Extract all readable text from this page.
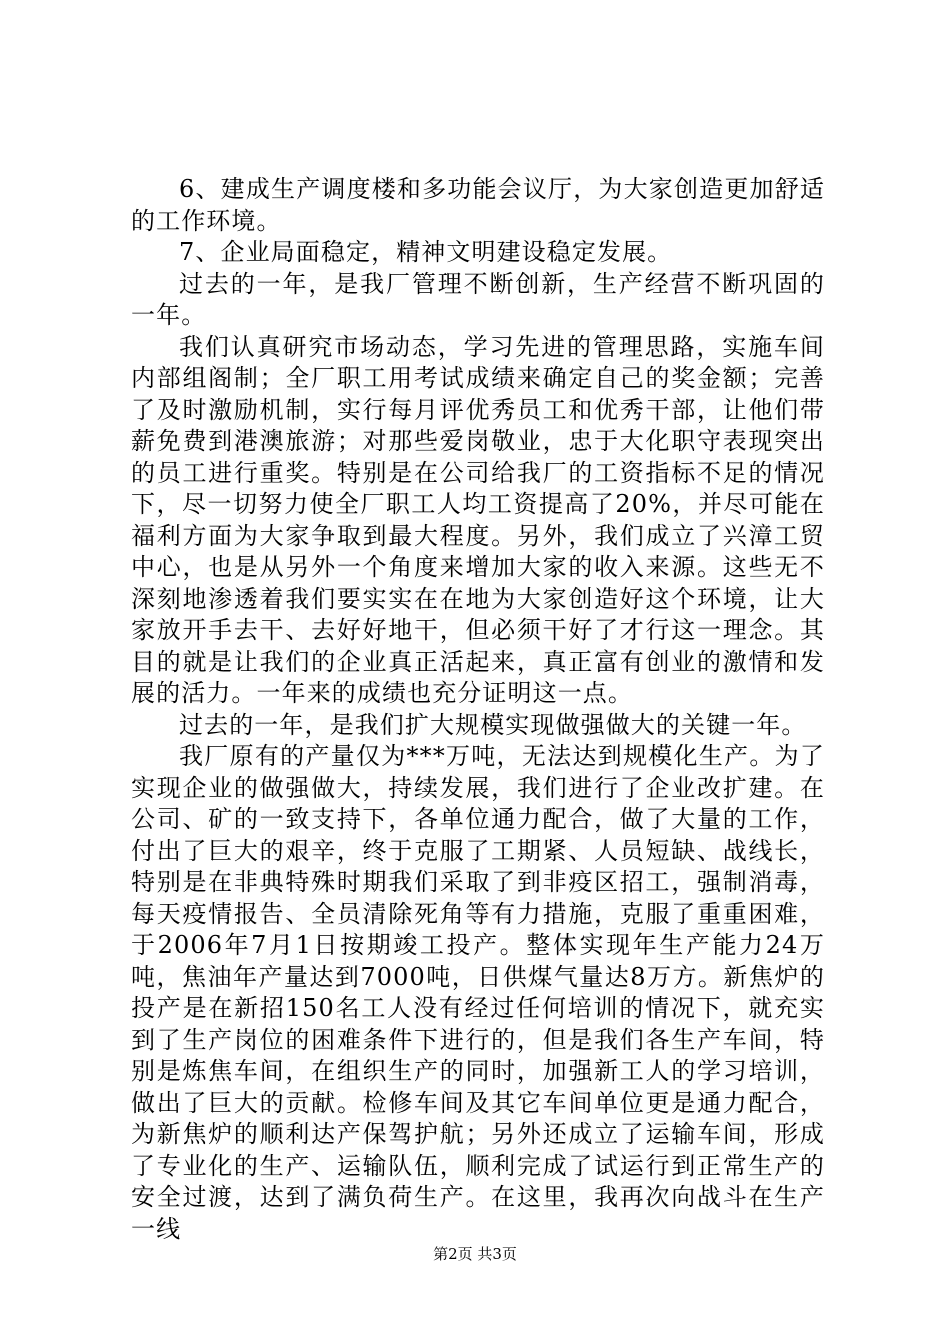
6、建成生产调度楼和多功能会议厅，为大家创造更加舒适的工作环境。

7、企业局面稳定，精神文明建设稳定发展。

过去的一年，是我厂管理不断创新，生产经营不断巩固的一年。

我们认真研究市场动态，学习先进的管理思路，实施车间内部组阁制；全厂职工用考试成绩来确定自己的奖金额；完善了及时激励机制，实行每月评优秀员工和优秀干部，让他们带薪免费到港澳旅游；对那些爱岗敬业，忠于大化职守表现突出的员工进行重奖。特别是在公司给我厂的工资指标不足的情况下，尽一切努力使全厂职工人均工资提高了20%，并尽可能在福利方面为大家争取到最大程度。另外，我们成立了兴漳工贸中心，也是从另外一个角度来增加大家的收入来源。这些无不深刻地渗透着我们要实实在在地为大家创造好这个环境，让大家放开手去干、去好好地干，但必须干好了才行这一理念。其目的就是让我们的企业真正活起来，真正富有创业的激情和发展的活力。一年来的成绩也充分证明这一点。

过去的一年，是我们扩大规模实现做强做大的关键一年。

我厂原有的产量仅为***万吨，无法达到规模化生产。为了实现企业的做强做大，持续发展，我们进行了企业改扩建。在公司、矿的一致支持下，各单位通力配合，做了大量的工作，付出了巨大的艰辛，终于克服了工期紧、人员短缺、战线长，特别是在非典特殊时期我们采取了到非疫区招工，强制消毒，每天疫情报告、全员清除死角等有力措施，克服了重重困难，于2006年7月1日按期竣工投产。整体实现年生产能力24万吨，焦油年产量达到7000吨，日供煤气量达8万方。新焦炉的投产是在新招150名工人没有经过任何培训的情况下，就充实到了生产岗位的困难条件下进行的，但是我们各生产车间，特别是炼焦车间，在组织生产的同时，加强新工人的学习培训，做出了巨大的贡献。检修车间及其它车间单位更是通力配合，为新焦炉的顺利达产保驾护航；另外还成立了运输车间，形成了专业化的生产、运输队伍，顺利完成了试运行到正常生产的安全过渡，达到了满负荷生产。在这里，我再次向战斗在生产一线

第2页 共3页
